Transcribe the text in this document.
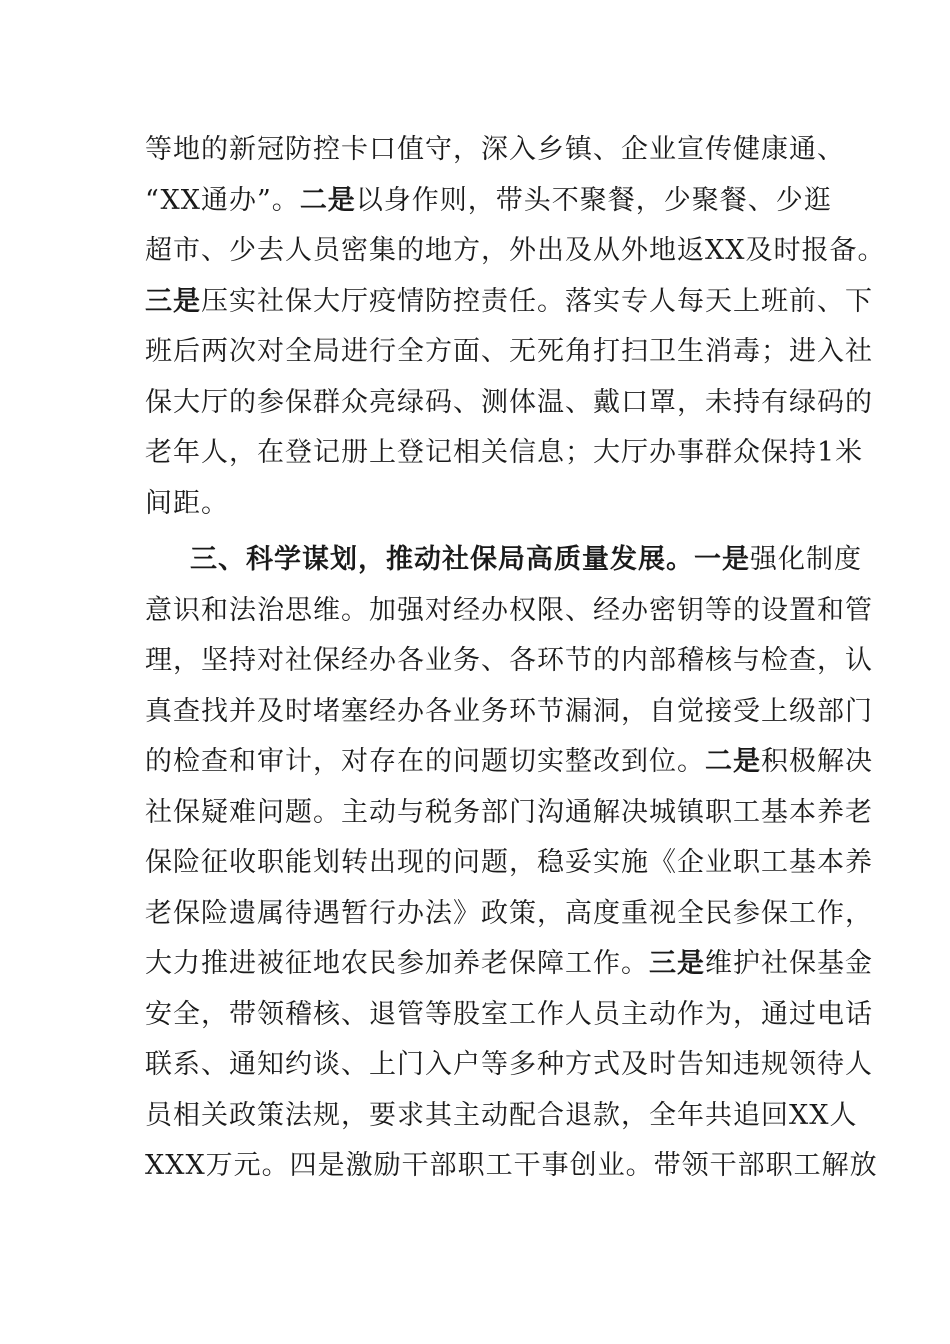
等地的新冠防控卡口值守，深入乡镇、企业宣传健康通、
“XX通办”。二是以身作则，带头不聚餐，少聚餐、少逛
超市、少去人员密集的地方，外出及从外地返XX及时报备。
三是压实社保大厅疫情防控责任。落实专人每天上班前、下
班后两次对全局进行全方面、无死角打扫卫生消毒；进入社
保大厅的参保群众亮绿码、测体温、戴口罩，未持有绿码的
老年人，在登记册上登记相关信息；大厅办事群众保持1米
间距。
三、科学谋划，推动社保局高质量发展。一是强化制度
意识和法治思维。加强对经办权限、经办密钥等的设置和管
理，坚持对社保经办各业务、各环节的内部稽核与检查，认
真查找并及时堵塞经办各业务环节漏洞，自觉接受上级部门
的检查和审计，对存在的问题切实整改到位。二是积极解决
社保疑难问题。主动与税务部门沟通解决城镇职工基本养老
保险征收职能划转出现的问题，稳妥实施《企业职工基本养
老保险遗属待遇暂行办法》政策，高度重视全民参保工作，
大力推进被征地农民参加养老保障工作。三是维护社保基金
安全，带领稽核、退管等股室工作人员主动作为，通过电话
联系、通知约谈、上门入户等多种方式及时告知违规领待人
员相关政策法规，要求其主动配合退款，全年共追回XX人
XXX万元。四是激励干部职工干事创业。带领干部职工解放
